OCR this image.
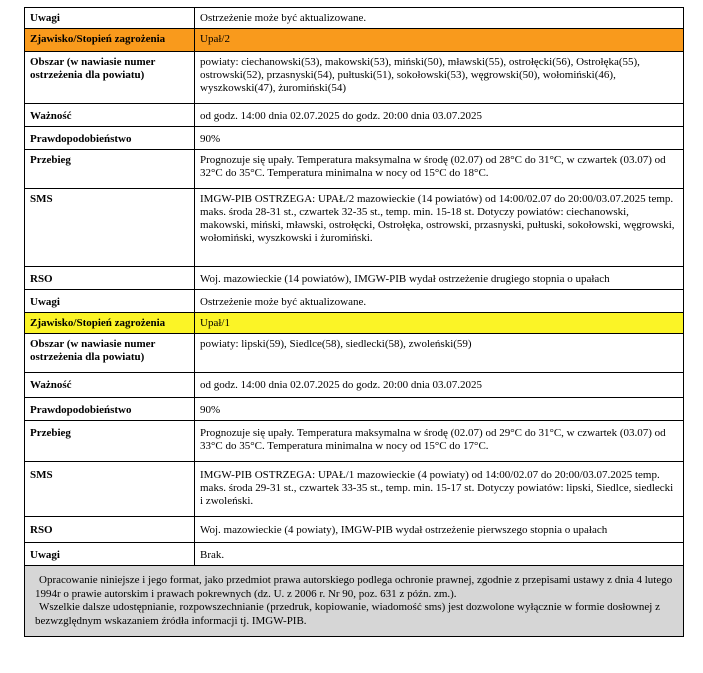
Uwagi	Ostrzeżenie może być aktualizowane.
Zjawisko/Stopień zagrożenia	Upał/2
Obszar (w nawiasie numer ostrzeżenia dla powiatu)	powiaty: ciechanowski(53), makowski(53), miński(50), mławski(55), ostrołęcki(56), Ostrołęka(55), ostrowski(52), przasnyski(54), pułtuski(51), sokołowski(53), węgrowski(50), wołomiński(46), wyszkowski(47), żuromiński(54)
Ważność	od godz. 14:00 dnia 02.07.2025 do godz. 20:00 dnia 03.07.2025
Prawdopodobieństwo	90%
Przebieg	Prognozuje się upały. Temperatura maksymalna w środę (02.07) od 28°C do 31°C, w czwartek (03.07) od 32°C do 35°C. Temperatura minimalna w nocy od 15°C do 18°C.
SMS	IMGW-PIB OSTRZEGA: UPAŁ/2 mazowieckie (14 powiatów) od 14:00/02.07 do 20:00/03.07.2025 temp. maks. środa 28-31 st., czwartek 32-35 st., temp. min. 15-18 st. Dotyczy powiatów: ciechanowski, makowski, miński, mławski, ostrołęcki, Ostrołęka, ostrowski, przasnyski, pułtuski, sokołowski, węgrowski, wołomiński, wyszkowski i żuromiński.
RSO	Woj. mazowieckie (14 powiatów), IMGW-PIB wydał ostrzeżenie drugiego stopnia o upałach
Uwagi	Ostrzeżenie może być aktualizowane.
Zjawisko/Stopień zagrożenia	Upał/1
Obszar (w nawiasie numer ostrzeżenia dla powiatu)	powiaty: lipski(59), Siedlce(58), siedlecki(58), zwoleński(59)
Ważność	od godz. 14:00 dnia 02.07.2025 do godz. 20:00 dnia 03.07.2025
Prawdopodobieństwo	90%
Przebieg	Prognozuje się upały. Temperatura maksymalna w środę (02.07) od 29°C do 31°C, w czwartek (03.07) od 33°C do 35°C. Temperatura minimalna w nocy od 15°C do 17°C.
SMS	IMGW-PIB OSTRZEGA: UPAŁ/1 mazowieckie (4 powiaty) od 14:00/02.07 do 20:00/03.07.2025 temp. maks. środa 29-31 st., czwartek 33-35 st., temp. min. 15-17 st. Dotyczy powiatów: lipski, Siedlce, siedlecki i zwoleński.
RSO	Woj. mazowieckie (4 powiaty), IMGW-PIB wydał ostrzeżenie pierwszego stopnia o upałach
Uwagi	Brak.

Opracowanie niniejsze i jego format, jako przedmiot prawa autorskiego podlega ochronie prawnej, zgodnie z przepisami ustawy z dnia 4 lutego 1994r o prawie autorskim i prawach pokrewnych (dz. U. z 2006 r. Nr 90, poz. 631 z późn. zm.).
Wszelkie dalsze udostępnianie, rozpowszechnianie (przedruk, kopiowanie, wiadomość sms) jest dozwolone wyłącznie w formie dosłownej z bezwzględnym wskazaniem źródła informacji tj. IMGW-PIB.	
